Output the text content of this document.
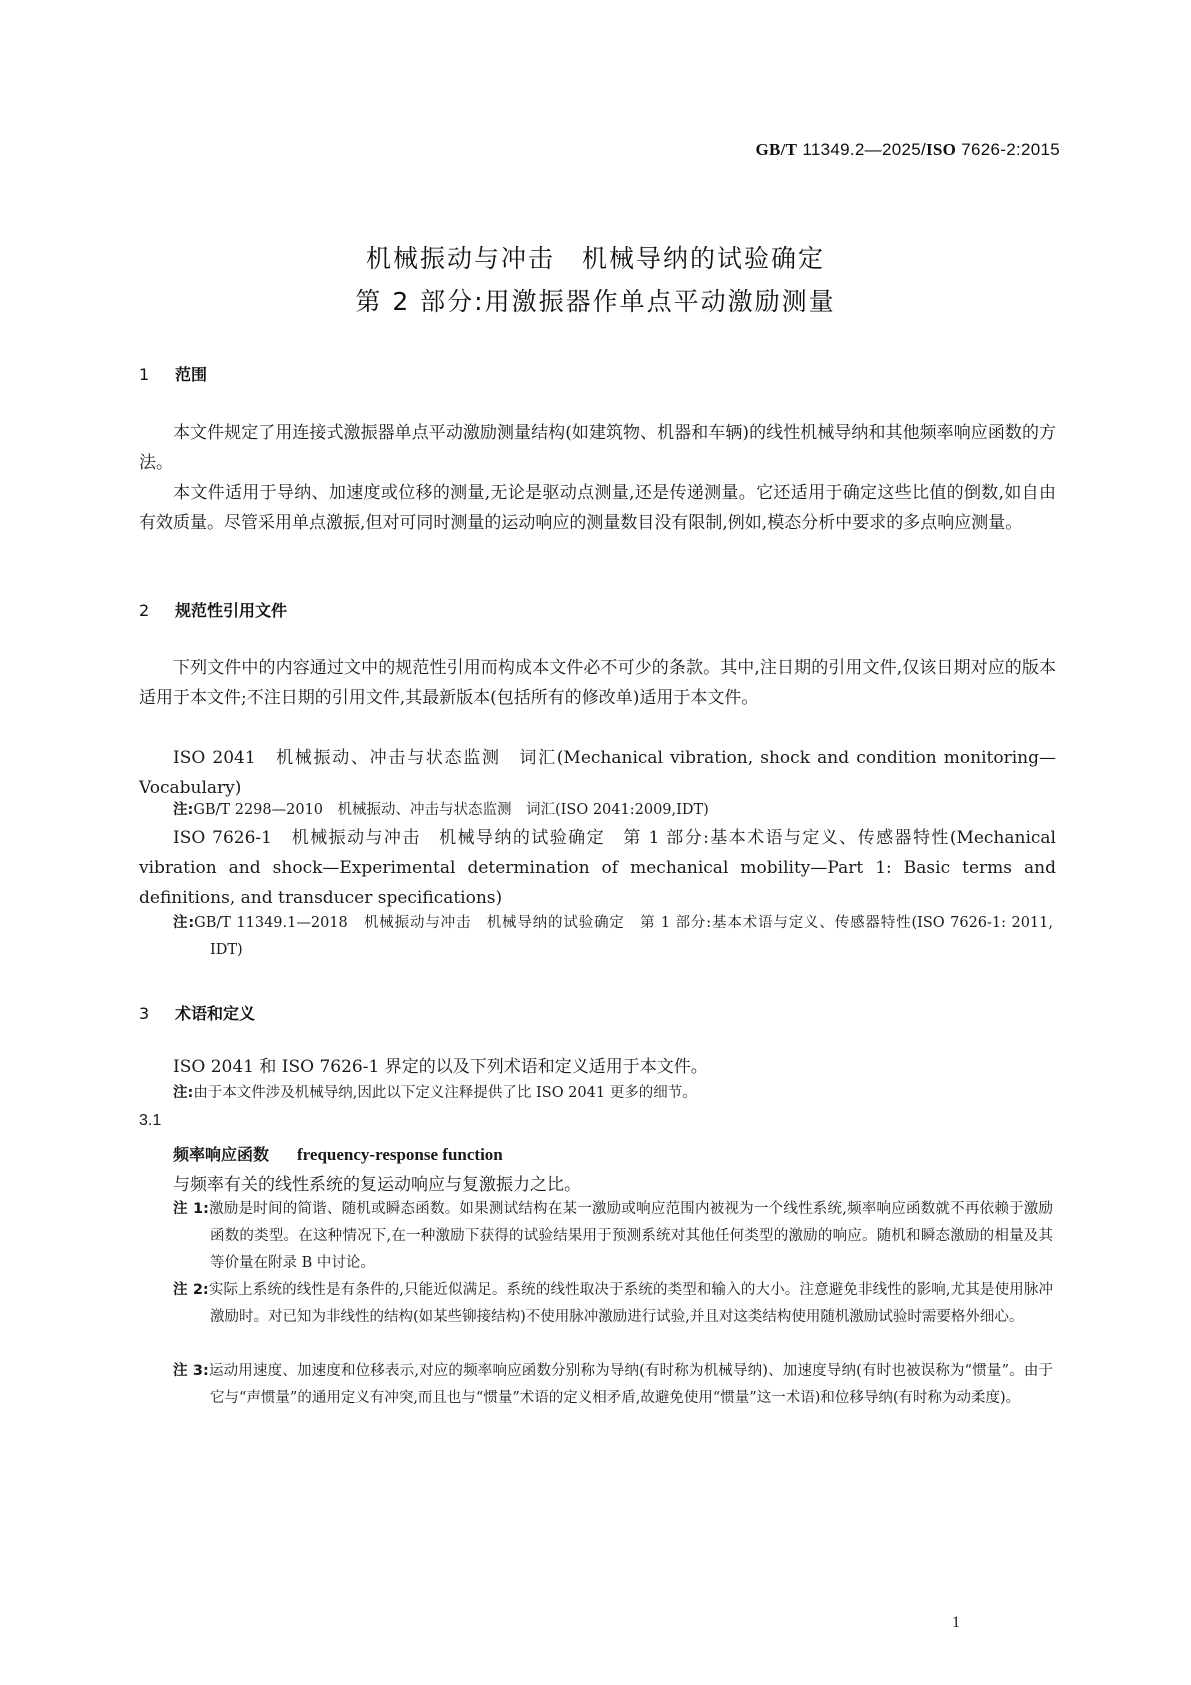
GB/T 11349.2—2025/ISO 7626-2:2015
机械振动与冲击　机械导纳的试验确定
第 2 部分:用激振器作单点平动激励测量
1 范围
本文件规定了用连接式激振器单点平动激励测量结构(如建筑物、机器和车辆)的线性机械导纳和其他频率响应函数的方法。
本文件适用于导纳、加速度或位移的测量,无论是驱动点测量,还是传递测量。它还适用于确定这些比值的倒数,如自由有效质量。尽管采用单点激振,但对可同时测量的运动响应的测量数目没有限制,例如,模态分析中要求的多点响应测量。
2 规范性引用文件
下列文件中的内容通过文中的规范性引用而构成本文件必不可少的条款。其中,注日期的引用文件,仅该日期对应的版本适用于本文件;不注日期的引用文件,其最新版本(包括所有的修改单)适用于本文件。
ISO 2041　机械振动、冲击与状态监测　词汇(Mechanical vibration, shock and condition monitoring—Vocabulary)
注:GB/T 2298—2010　机械振动、冲击与状态监测　词汇(ISO 2041:2009,IDT)
ISO 7626-1　机械振动与冲击　机械导纳的试验确定　第 1 部分:基本术语与定义、传感器特性(Mechanical vibration and shock—Experimental determination of mechanical mobility—Part 1: Basic terms and definitions, and transducer specifications)
注:GB/T 11349.1—2018　机械振动与冲击　机械导纳的试验确定　第 1 部分:基本术语与定义、传感器特性(ISO 7626-1: 2011, IDT)
3 术语和定义
ISO 2041 和 ISO 7626-1 界定的以及下列术语和定义适用于本文件。
注:由于本文件涉及机械导纳,因此以下定义注释提供了比 ISO 2041 更多的细节。
3.1
频率响应函数 frequency-response function
与频率有关的线性系统的复运动响应与复激振力之比。
注 1:激励是时间的简谐、随机或瞬态函数。如果测试结构在某一激励或响应范围内被视为一个线性系统,频率响应函数就不再依赖于激励函数的类型。在这种情况下,在一种激励下获得的试验结果用于预测系统对其他任何类型的激励的响应。随机和瞬态激励的相量及其等价量在附录 B 中讨论。
注 2:实际上系统的线性是有条件的,只能近似满足。系统的线性取决于系统的类型和输入的大小。注意避免非线性的影响,尤其是使用脉冲激励时。对已知为非线性的结构(如某些铆接结构)不使用脉冲激励进行试验,并且对这类结构使用随机激励试验时需要格外细心。
注 3:运动用速度、加速度和位移表示,对应的频率响应函数分别称为导纳(有时称为机械导纳)、加速度导纳(有时也被误称为“惯量”。由于它与“声惯量”的通用定义有冲突,而且也与“惯量”术语的定义相矛盾,故避免使用“惯量”这一术语)和位移导纳(有时称为动柔度)。
1
